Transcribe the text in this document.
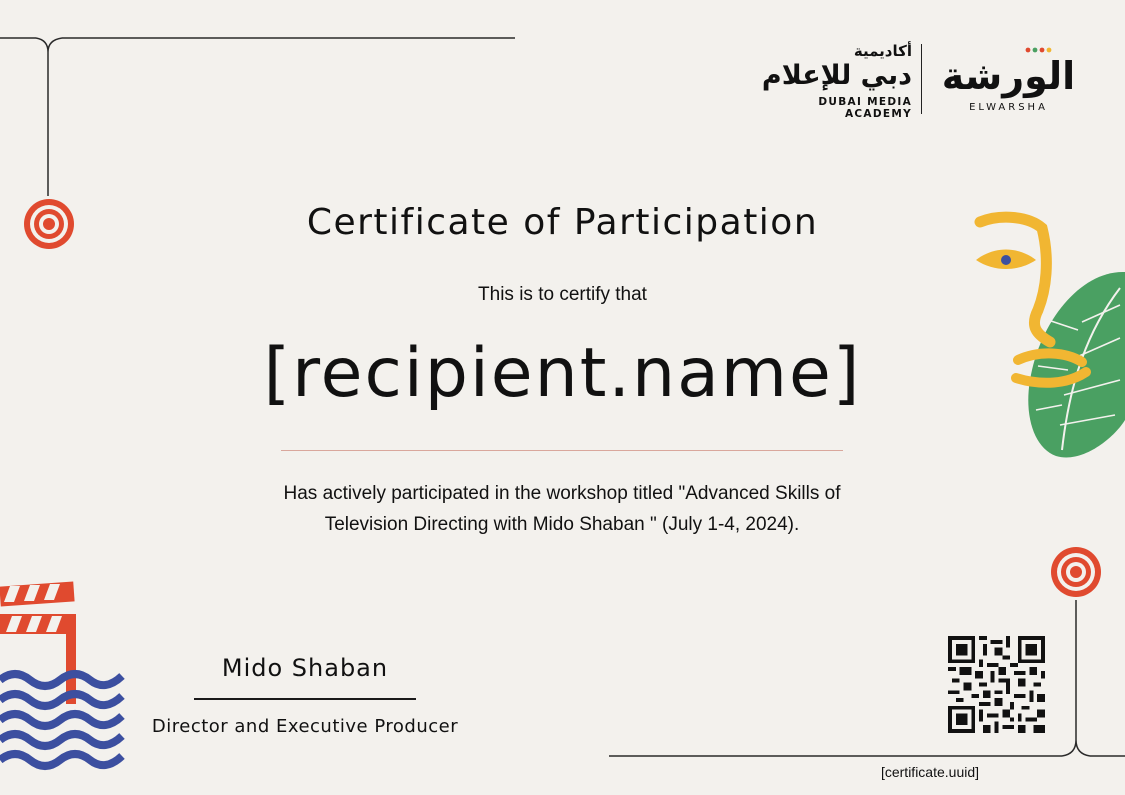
أكاديمية
دبي للإعلام
DUBAI MEDIA ACADEMY
الورشة
ELWARSHA
Certificate of Participation
This is to certify that
[recipient.name]
Has actively participated in the workshop titled "Advanced Skills of
Television Directing with Mido Shaban " (July 1-4, 2024).
Mido Shaban
Director and Executive Producer
[certificate.uuid]
